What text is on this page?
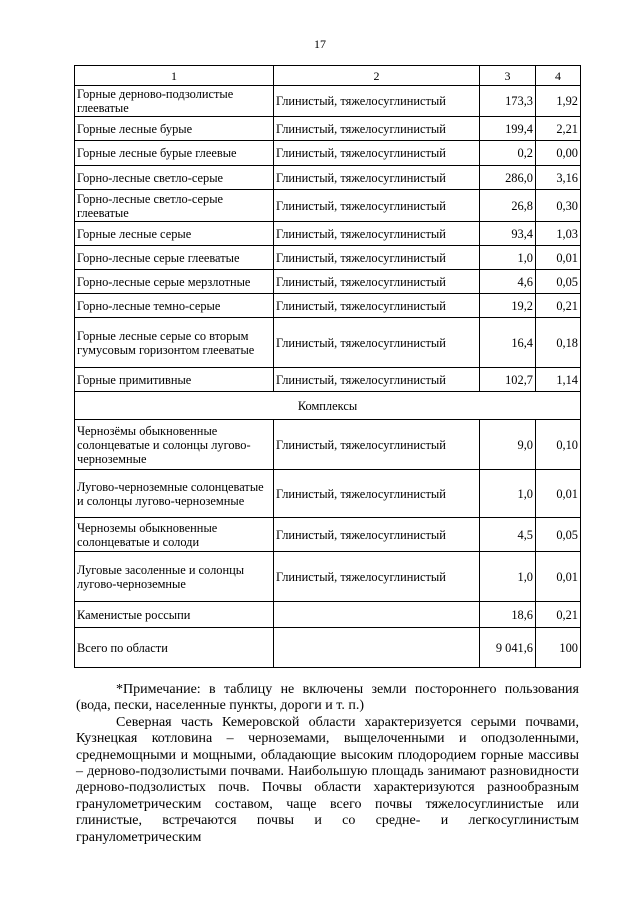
17
1	2	3	4
Горные дерново-подзолистые глееватые	Глинистый, тяжелосуглинистый	173,3	1,92
Горные лесные бурые	Глинистый, тяжелосуглинистый	199,4	2,21
Горные лесные бурые глеевые	Глинистый, тяжелосуглинистый	0,2	0,00
Горно-лесные светло-серые	Глинистый, тяжелосуглинистый	286,0	3,16
Горно-лесные светло-серые глееватые	Глинистый, тяжелосуглинистый	26,8	0,30
Горные лесные серые	Глинистый, тяжелосуглинистый	93,4	1,03
Горно-лесные серые глееватые	Глинистый, тяжелосуглинистый	1,0	0,01
Горно-лесные серые мерзлотные	Глинистый, тяжелосуглинистый	4,6	0,05
Горно-лесные темно-серые	Глинистый, тяжелосуглинистый	19,2	0,21
Горные лесные серые со вторым гумусовым горизонтом глееватые	Глинистый, тяжелосуглинистый	16,4	0,18
Горные примитивные	Глинистый, тяжелосуглинистый	102,7	1,14
Комплексы			
Чернозёмы обыкновенные солонцеватые и солонцы лугово-черноземные	Глинистый, тяжелосуглинистый	9,0	0,10
Лугово-черноземные солонцеватые и солонцы лугово-черноземные	Глинистый, тяжелосуглинистый	1,0	0,01
Черноземы обыкновенные солонцеватые и солоди	Глинистый, тяжелосуглинистый	4,5	0,05
Луговые засоленные и солонцы лугово-черноземные	Глинистый, тяжелосуглинистый	1,0	0,01
Каменистые россыпи		18,6	0,21
Всего по области		9 041,6	100

*Примечание: в таблицу не включены земли постороннего пользования (вода, пески, населенные пункты, дороги и т. п.)

Северная часть Кемеровской области характеризуется серыми почвами, Кузнецкая котловина – черноземами, выщелоченными и оподзоленными, среднемощными и мощными, обладающие высоким плодородием горные массивы – дерново-подзолистыми почвами. Наибольшую площадь занимают разновидности дерново-подзолистых почв. Почвы области характеризуются разнообразным гранулометрическим составом, чаще всего почвы тяжелосуглинистые или глинистые, встречаются почвы и со средне- и легкосуглинистым гранулометрическим
